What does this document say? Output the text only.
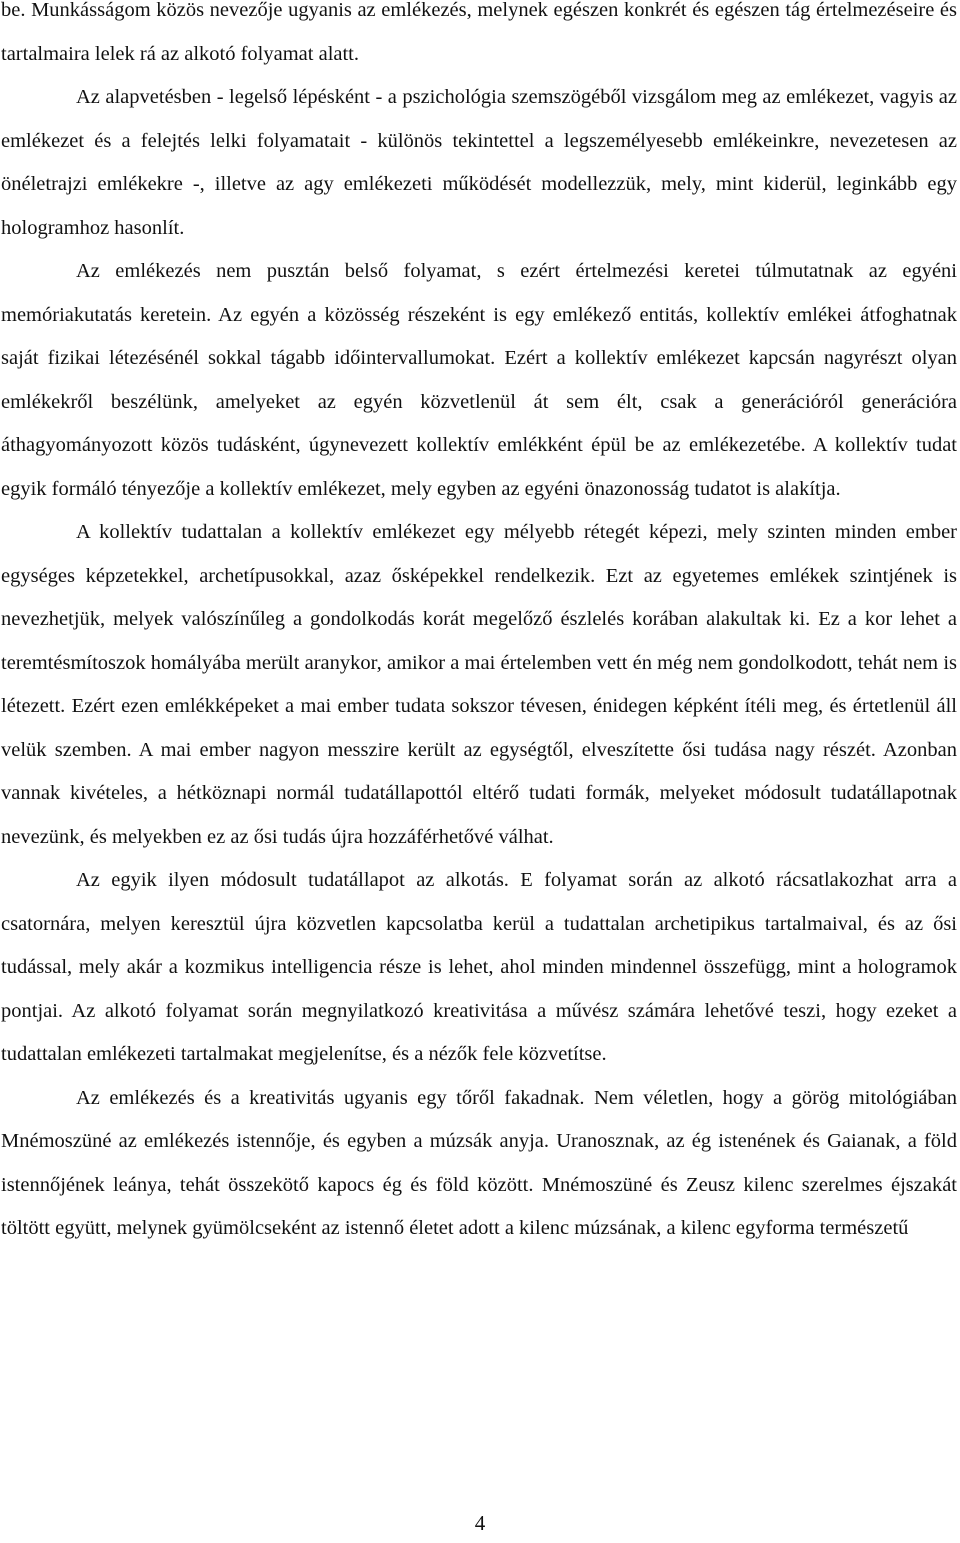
be. Munkásságom közös nevezője ugyanis az emlékezés, melynek egészen konkrét és egészen tág értelmezéseire és tartalmaira lelek rá az alkotó folyamat alatt.

Az alapvetésben - legelső lépésként - a pszichológia szemszögéből vizsgálom meg az emlékezet, vagyis az emlékezet és a felejtés lelki folyamatait - különös tekintettel a legszemélyesebb emlékeinkre, nevezetesen az önéletrajzi emlékekre -, illetve az agy emlékezeti működését modellezzük, mely, mint kiderül, leginkább egy hologramhoz hasonlít.

Az emlékezés nem pusztán belső folyamat, s ezért értelmezési keretei túlmutatnak az egyéni memóriakutatás keretein. Az egyén a közösség részeként is egy emlékező entitás, kollektív emlékei átfoghatnak saját fizikai létezésénél sokkal tágabb időintervallumokat. Ezért a kollektív emlékezet kapcsán nagyrészt olyan emlékekről beszélünk, amelyeket az egyén közvetlenül át sem élt, csak a generációról generációra áthagyományozott közös tudásként, úgynevezett kollektív emlékként épül be az emlékezetébe. A kollektív tudat egyik formáló tényezője a kollektív emlékezet, mely egyben az egyéni önazonosság tudatot is alakítja.

A kollektív tudattalan a kollektív emlékezet egy mélyebb rétegét képezi, mely szinten minden ember egységes képzetekkel, archetípusokkal, azaz ősképekkel rendelkezik. Ezt az egyetemes emlékek szintjének is nevezhetjük, melyek valószínűleg a gondolkodás korát megelőző észlelés korában alakultak ki. Ez a kor lehet a teremtésmítoszok homályába merült aranykor, amikor a mai értelemben vett én még nem gondolkodott, tehát nem is létezett. Ezért ezen emlékképeket a mai ember tudata sokszor tévesen, énidegen képként ítéli meg, és értetlenül áll velük szemben. A mai ember nagyon messzire került az egységtől, elveszítette ősi tudása nagy részét. Azonban vannak kivételes, a hétköznapi normál tudatállapottól eltérő tudati formák, melyeket módosult tudatállapotnak nevezünk, és melyekben ez az ősi tudás újra hozzáférhetővé válhat.

Az egyik ilyen módosult tudatállapot az alkotás. E folyamat során az alkotó rácsatlakozhat arra a csatornára, melyen keresztül újra közvetlen kapcsolatba kerül a tudattalan archetipikus tartalmaival, és az ősi tudással, mely akár a kozmikus intelligencia része is lehet, ahol minden mindennel összefügg, mint a hologramok pontjai. Az alkotó folyamat során megnyilatkozó kreativitása a művész számára lehetővé teszi, hogy ezeket a tudattalan emlékezeti tartalmakat megjelenítse, és a nézők fele közvetítse.

Az emlékezés és a kreativitás ugyanis egy tőről fakadnak. Nem véletlen, hogy a görög mitológiában Mnémoszüné az emlékezés istennője, és egyben a múzsák anyja. Uranosznak, az ég istenének és Gaianak, a föld istennőjének leánya, tehát összekötő kapocs ég és föld között. Mnémoszüné és Zeusz kilenc szerelmes éjszakát töltött együtt, melynek gyümölcseként az istennő életet adott a kilenc múzsának, a kilenc egyforma természetű

4
